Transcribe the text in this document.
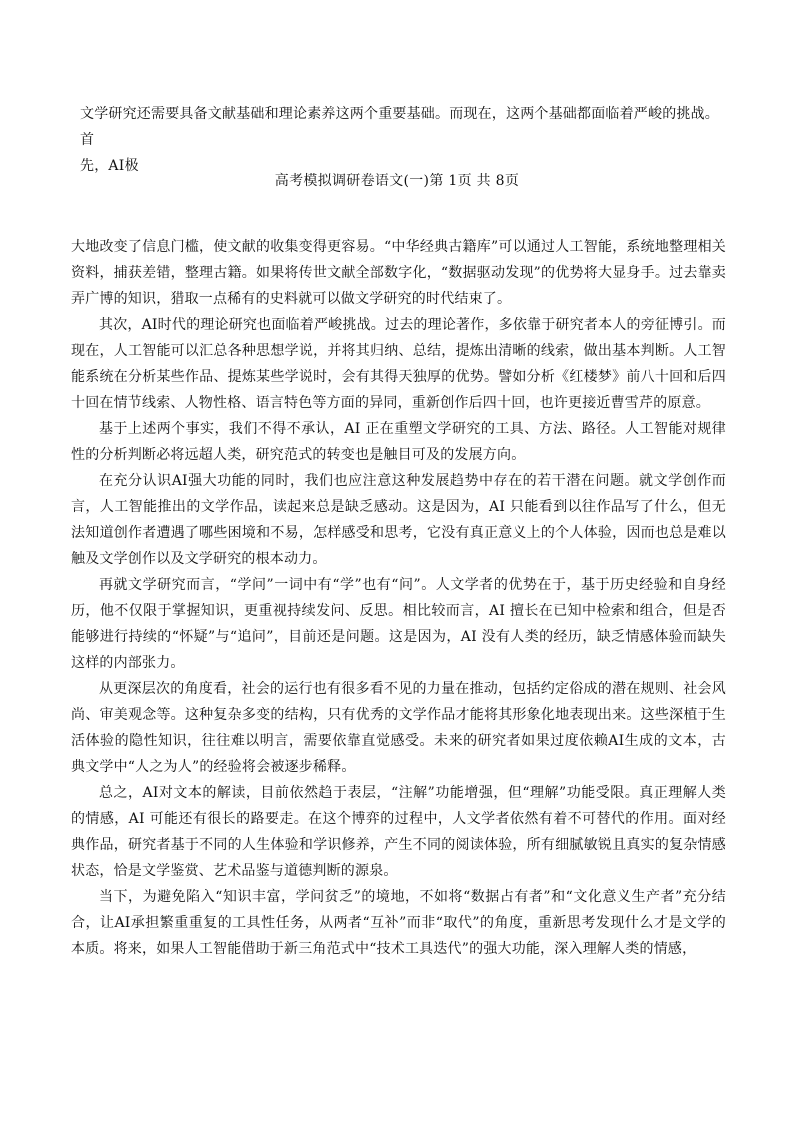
文学研究还需要具备文献基础和理论素养这两个重要基础。而现在，这两个基础都面临着严峻的挑战。首

先，AI极

高考模拟调研卷语文(一)第 1页 共 8页

大地改变了信息门槛，使文献的收集变得更容易。“中华经典古籍库”可以通过人工智能，系统地整理相关资料，捕获差错，整理古籍。如果将传世文献全部数字化，“数据驱动发现”的优势将大显身手。过去靠卖弄广博的知识，猎取一点稀有的史料就可以做文学研究的时代结束了。

其次，AI时代的理论研究也面临着严峻挑战。过去的理论著作，多依靠于研究者本人的旁征博引。而现在，人工智能可以汇总各种思想学说，并将其归纳、总结，提炼出清晰的线索，做出基本判断。人工智能系统在分析某些作品、提炼某些学说时，会有其得天独厚的优势。譬如分析《红楼梦》前八十回和后四十回在情节线索、人物性格、语言特色等方面的异同，重新创作后四十回，也许更接近曹雪芹的原意。

基于上述两个事实，我们不得不承认，AI 正在重塑文学研究的工具、方法、路径。人工智能对规律性的分析判断必将远超人类，研究范式的转变也是触目可及的发展方向。

在充分认识AI强大功能的同时，我们也应注意这种发展趋势中存在的若干潜在问题。就文学创作而言，人工智能推出的文学作品，读起来总是缺乏感动。这是因为，AI 只能看到以往作品写了什么，但无法知道创作者遭遇了哪些困境和不易，怎样感受和思考，它没有真正意义上的个人体验，因而也总是难以触及文学创作以及文学研究的根本动力。

再就文学研究而言，“学问”一词中有“学”也有“问”。人文学者的优势在于，基于历史经验和自身经历，他不仅限于掌握知识，更重视持续发问、反思。相比较而言，AI 擅长在已知中检索和组合，但是否能够进行持续的“怀疑”与“追问”，目前还是问题。这是因为，AI 没有人类的经历，缺乏情感体验而缺失这样的内部张力。

从更深层次的角度看，社会的运行也有很多看不见的力量在推动，包括约定俗成的潜在规则、社会风尚、审美观念等。这种复杂多变的结构，只有优秀的文学作品才能将其形象化地表现出来。这些深植于生活体验的隐性知识，往往难以明言，需要依靠直觉感受。未来的研究者如果过度依赖AI生成的文本，古典文学中“人之为人”的经验将会被逐步稀释。

总之，AI对文本的解读，目前依然趋于表层，“注解”功能增强，但“理解”功能受限。真正理解人类的情感，AI 可能还有很长的路要走。在这个博弈的过程中，人文学者依然有着不可替代的作用。面对经典作品，研究者基于不同的人生体验和学识修养，产生不同的阅读体验，所有细腻敏锐且真实的复杂情感状态，恰是文学鉴赏、艺术品鉴与道德判断的源泉。

当下，为避免陷入“知识丰富，学问贫乏”的境地，不如将“数据占有者”和“文化意义生产者”充分结合，让AI承担繁重重复的工具性任务，从两者“互补”而非“取代”的角度，重新思考发现什么才是文学的本质。将来，如果人工智能借助于新三角范式中“技术工具迭代”的强大功能，深入理解人类的情感，
